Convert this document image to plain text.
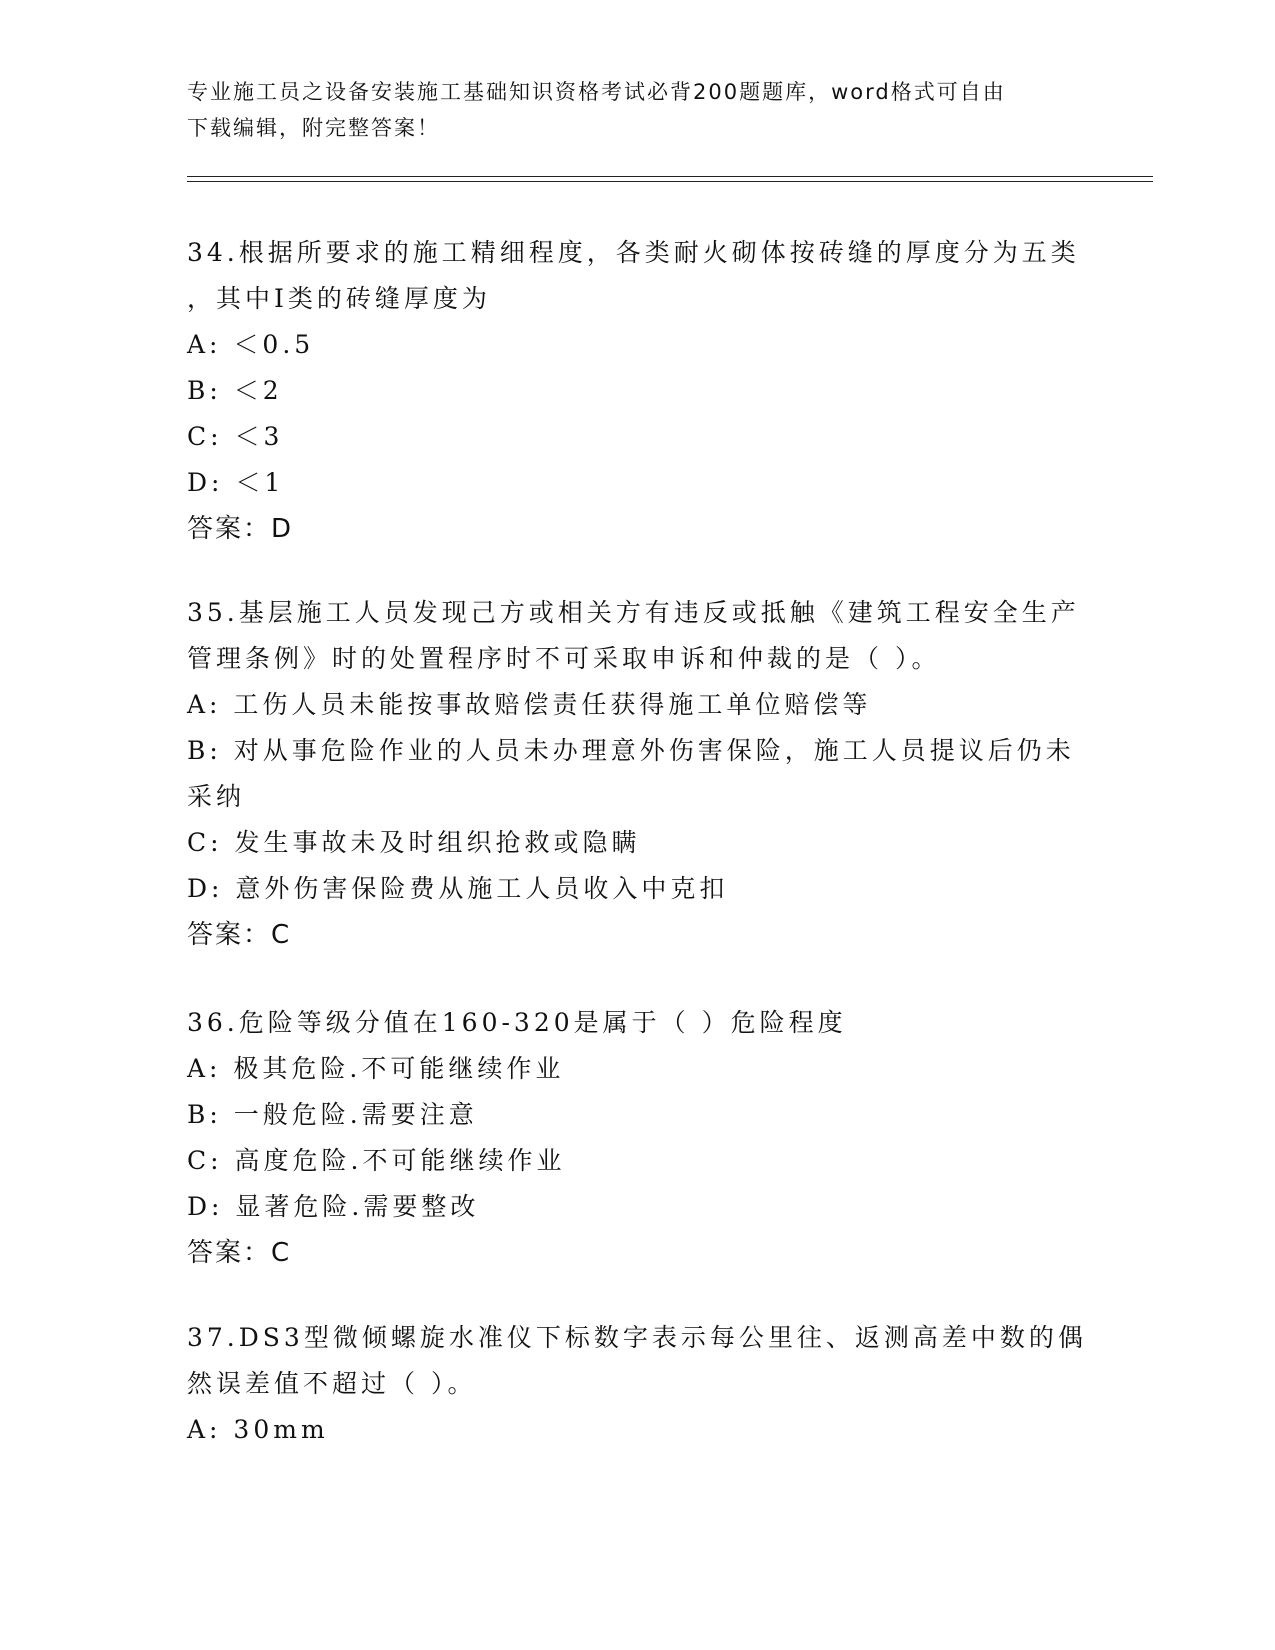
专业施工员之设备安装施工基础知识资格考试必背200题题库，word格式可自由
下载编辑，附完整答案！
34.根据所要求的施工精细程度，各类耐火砌体按砖缝的厚度分为五类
，其中Ⅰ类的砖缝厚度为
A: ＜0.5
B: ＜2
C: ＜3
D: ＜1
答案：D
35.基层施工人员发现己方或相关方有违反或抵触《建筑工程安全生产
管理条例》时的处置程序时不可采取申诉和仲裁的是（ ）。
A: 工伤人员未能按事故赔偿责任获得施工单位赔偿等
B: 对从事危险作业的人员未办理意外伤害保险，施工人员提议后仍未
采纳
C: 发生事故未及时组织抢救或隐瞒
D: 意外伤害保险费从施工人员收入中克扣
答案：C
36.危险等级分值在160-320是属于（ ）危险程度
A: 极其危险.不可能继续作业
B: 一般危险.需要注意
C: 高度危险.不可能继续作业
D: 显著危险.需要整改
答案：C
37.DS3型微倾螺旋水准仪下标数字表示每公里往、返测高差中数的偶
然误差值不超过（ ）。
A: 30mm
